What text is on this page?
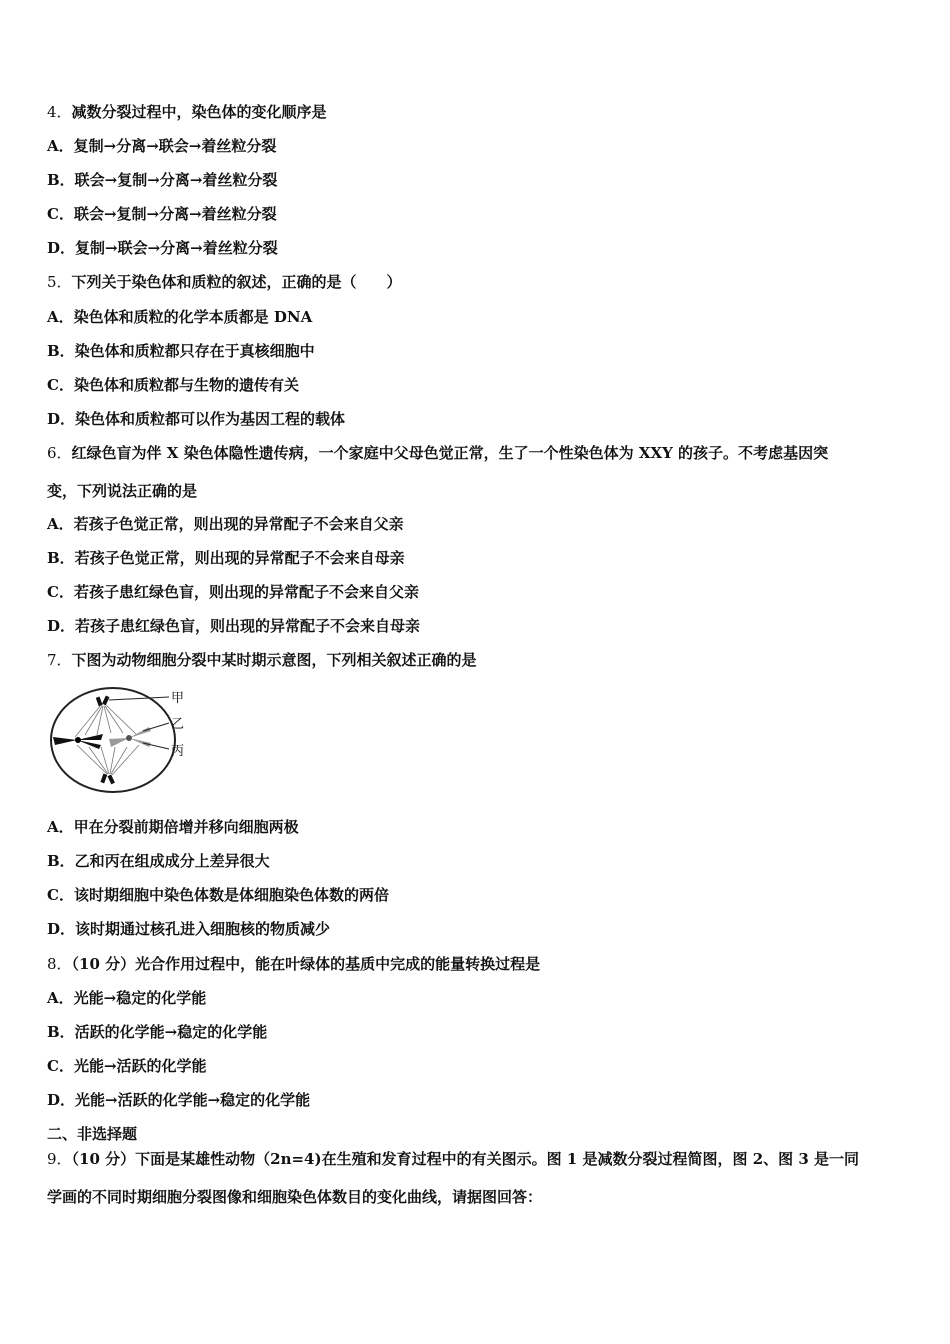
4．减数分裂过程中，染色体的变化顺序是
A．复制→分离→联会→着丝粒分裂
B．联会→复制→分离→着丝粒分裂
C．联会→复制→分离→着丝粒分裂
D．复制→联会→分离→着丝粒分裂
5．下列关于染色体和质粒的叙述，正确的是（　　）
A．染色体和质粒的化学本质都是 DNA
B．染色体和质粒都只存在于真核细胞中
C．染色体和质粒都与生物的遗传有关
D．染色体和质粒都可以作为基因工程的载体
6．红绿色盲为伴 X 染色体隐性遗传病，一个家庭中父母色觉正常，生了一个性染色体为 XXY 的孩子。不考虑基因突
变，下列说法正确的是
A．若孩子色觉正常，则出现的异常配子不会来自父亲
B．若孩子色觉正常，则出现的异常配子不会来自母亲
C．若孩子患红绿色盲，则出现的异常配子不会来自父亲
D．若孩子患红绿色盲，则出现的异常配子不会来自母亲
7．下图为动物细胞分裂中某时期示意图，下列相关叙述正确的是
甲
乙
丙
A．甲在分裂前期倍增并移向细胞两极
B．乙和丙在组成成分上差异很大
C．该时期细胞中染色体数是体细胞染色体数的两倍
D．该时期通过核孔进入细胞核的物质减少
8．（10 分）光合作用过程中，能在叶绿体的基质中完成的能量转换过程是
A．光能→稳定的化学能
B．活跃的化学能→稳定的化学能
C．光能→活跃的化学能
D．光能→活跃的化学能→稳定的化学能
二、非选择题
9．（10 分）下面是某雄性动物（2n=4)在生殖和发育过程中的有关图示。图 1 是减数分裂过程简图，图 2、图 3 是一同
学画的不同时期细胞分裂图像和细胞染色体数目的变化曲线，请据图回答：
